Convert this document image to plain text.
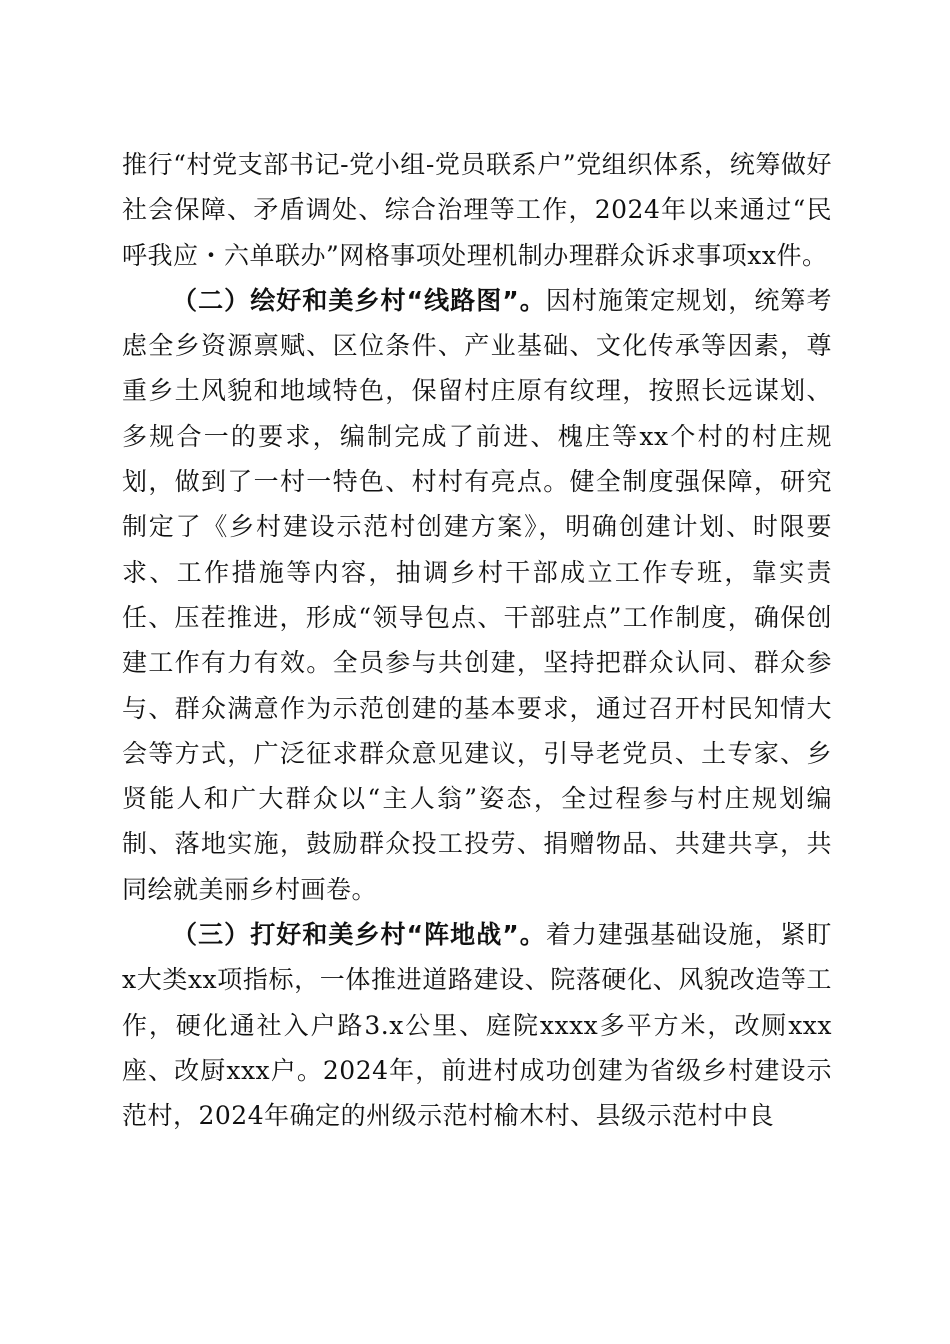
推行“村党支部书记-党小组-党员联系户”党组织体系，统筹做好社会保障、矛盾调处、综合治理等工作，2024年以来通过“民呼我应・六单联办”网格事项处理机制办理群众诉求事项xx件。

（二）绘好和美乡村“线路图”。因村施策定规划，统筹考虑全乡资源禀赋、区位条件、产业基础、文化传承等因素，尊重乡土风貌和地域特色，保留村庄原有纹理，按照长远谋划、多规合一的要求，编制完成了前进、槐庄等xx个村的村庄规划，做到了一村一特色、村村有亮点。健全制度强保障，研究制定了《乡村建设示范村创建方案》，明确创建计划、时限要求、工作措施等内容，抽调乡村干部成立工作专班，靠实责任、压茬推进，形成“领导包点、干部驻点”工作制度，确保创建工作有力有效。全员参与共创建，坚持把群众认同、群众参与、群众满意作为示范创建的基本要求，通过召开村民知情大会等方式，广泛征求群众意见建议，引导老党员、土专家、乡贤能人和广大群众以“主人翁”姿态，全过程参与村庄规划编制、落地实施，鼓励群众投工投劳、捐赠物品、共建共享，共同绘就美丽乡村画卷。

（三）打好和美乡村“阵地战”。着力建强基础设施，紧盯x大类xx项指标，一体推进道路建设、院落硬化、风貌改造等工作，硬化通社入户路3.x公里、庭院xxxx多平方米，改厕xxx座、改厨xxx户。2024年，前进村成功创建为省级乡村建设示范村，2024年确定的州级示范村榆木村、县级示范村中良
